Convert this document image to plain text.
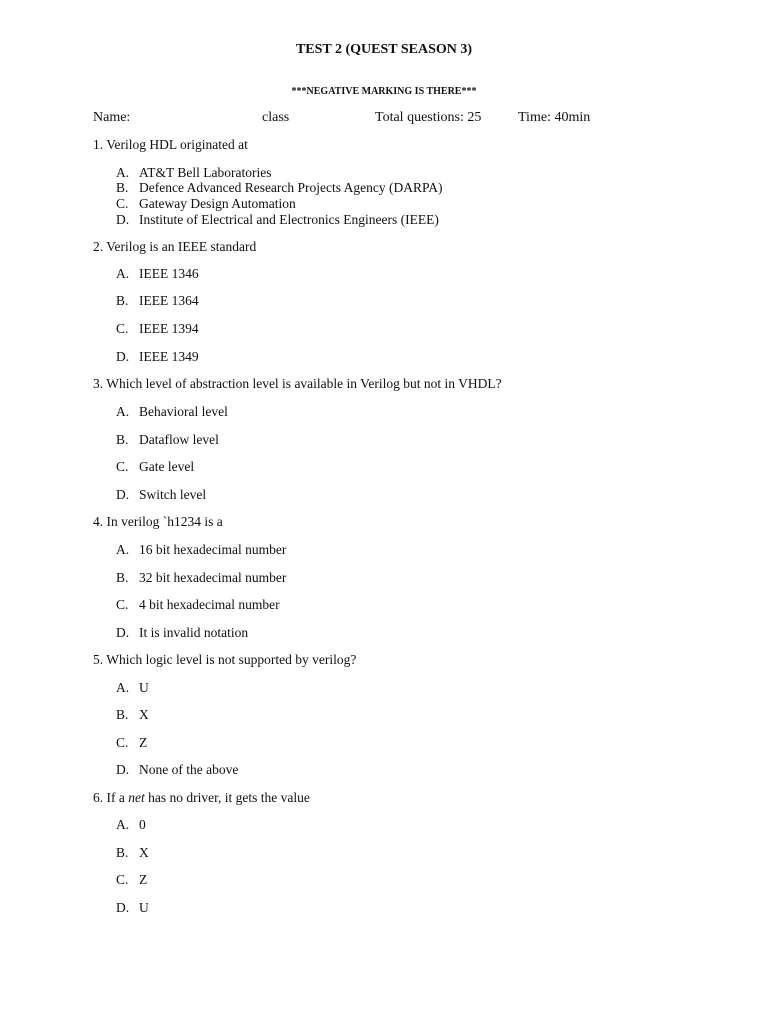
TEST 2 (QUEST SEASON 3)
***NEGATIVE MARKING IS THERE***
Name:	class	Total questions: 25	Time: 40min
1. Verilog HDL originated at
A. AT&T Bell Laboratories
B. Defence Advanced Research Projects Agency (DARPA)
C. Gateway Design Automation
D. Institute of Electrical and Electronics Engineers (IEEE)
2. Verilog is an IEEE standard
A. IEEE 1346
B. IEEE 1364
C. IEEE 1394
D. IEEE 1349
3. Which level of abstraction level is available in Verilog but not in VHDL?
A. Behavioral level
B. Dataflow level
C. Gate level
D. Switch level
4. In verilog `h1234 is a
A. 16 bit hexadecimal number
B. 32 bit hexadecimal number
C. 4 bit hexadecimal number
D. It is invalid notation
5. Which logic level is not supported by verilog?
A. U
B. X
C. Z
D. None of the above
6. If a net has no driver, it gets the value
A. 0
B. X
C. Z
D. U
